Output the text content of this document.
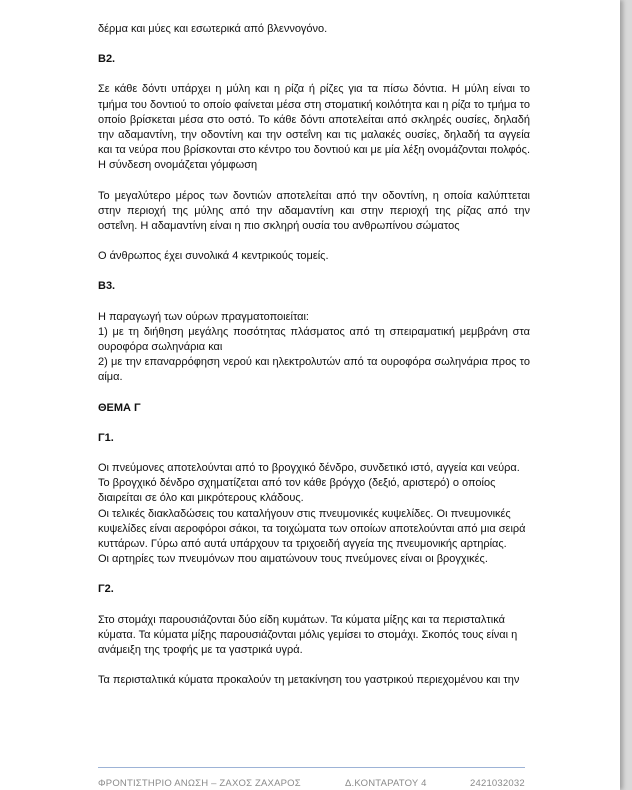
δέρμα και μύες και εσωτερικά από βλεννογόνο.

Β2.

Σε κάθε δόντι υπάρχει η μύλη και η ρίζα ή ρίζες για τα πίσω δόντια. Η μύλη είναι το τμήμα του δοντιού το οποίο φαίνεται μέσα στη στοματική κοιλότητα και η ρίζα το τμήμα το οποίο βρίσκεται μέσα στο οστό. Το κάθε δόντι αποτελείται από σκληρές ουσίες, δηλαδή την αδαμαντίνη, την οδοντίνη και την οστεΐνη και τις μαλακές ουσίες, δηλαδή τα αγγεία και τα νεύρα που βρίσκονται στο κέντρο του δοντιού και με μία λέξη ονομάζονται πολφός. Η σύνδεση ονομάζεται γόμφωση

Το μεγαλύτερο μέρος των δοντιών αποτελείται από την οδοντίνη, η οποία καλύπτεται στην περιοχή της μύλης από την αδαμαντίνη και στην περιοχή της ρίζας από την οστεΐνη. Η αδαμαντίνη είναι η πιο σκληρή ουσία του ανθρωπίνου σώματος

Ο άνθρωπος έχει συνολικά 4 κεντρικούς τομείς.

Β3.

Η παραγωγή των ούρων πραγματοποιείται:

1) με τη διήθηση μεγάλης ποσότητας πλάσματος από τη σπειραματική μεμβράνη στα ουροφόρα σωληνάρια και

2) με την επαναρρόφηση νερού και ηλεκτρολυτών από τα ουροφόρα σωληνάρια προς το αίμα.

ΘΕΜΑ Γ

Γ1.

Οι πνεύμονες αποτελούνται από το βρογχικό δένδρο, συνδετικό ιστό, αγγεία και νεύρα. Το βρογχικό δένδρο σχηματίζεται από τον κάθε βρόγχο (δεξιό, αριστερό) ο οποίος διαιρείται σε όλο και μικρότερους κλάδους.

Οι τελικές διακλαδώσεις του καταλήγουν στις πνευμονικές κυψελίδες. Οι πνευμονικές κυψελίδες είναι αεροφόροι σάκοι, τα τοιχώματα των οποίων αποτελούνται από μια σειρά κυττάρων. Γύρω από αυτά υπάρχουν τα τριχοειδή αγγεία της πνευμονικής αρτηρίας.

Οι αρτηρίες των πνευμόνων που αιματώνουν τους πνεύμονες είναι οι βρογχικές.

Γ2.

Στο στομάχι παρουσιάζονται δύο είδη κυμάτων. Τα κύματα μίξης και τα περισταλτικά

κύματα. Τα κύματα μίξης παρουσιάζονται μόλις γεμίσει το στομάχι. Σκοπός τους είναι η ανάμειξη της τροφής με τα γαστρικά υγρά.

Τα περισταλτικά κύματα προκαλούν τη μετακίνηση του γαστρικού περιεχομένου και την

ΦΡΟΝΤΙΣΤΗΡΙΟ ΑΝΩΣΗ – ΖΑΧΟΣ ΖΑΧΑΡΟΣ	Δ.ΚΟΝΤΑΡΑΤΟΥ 4	2421032032
